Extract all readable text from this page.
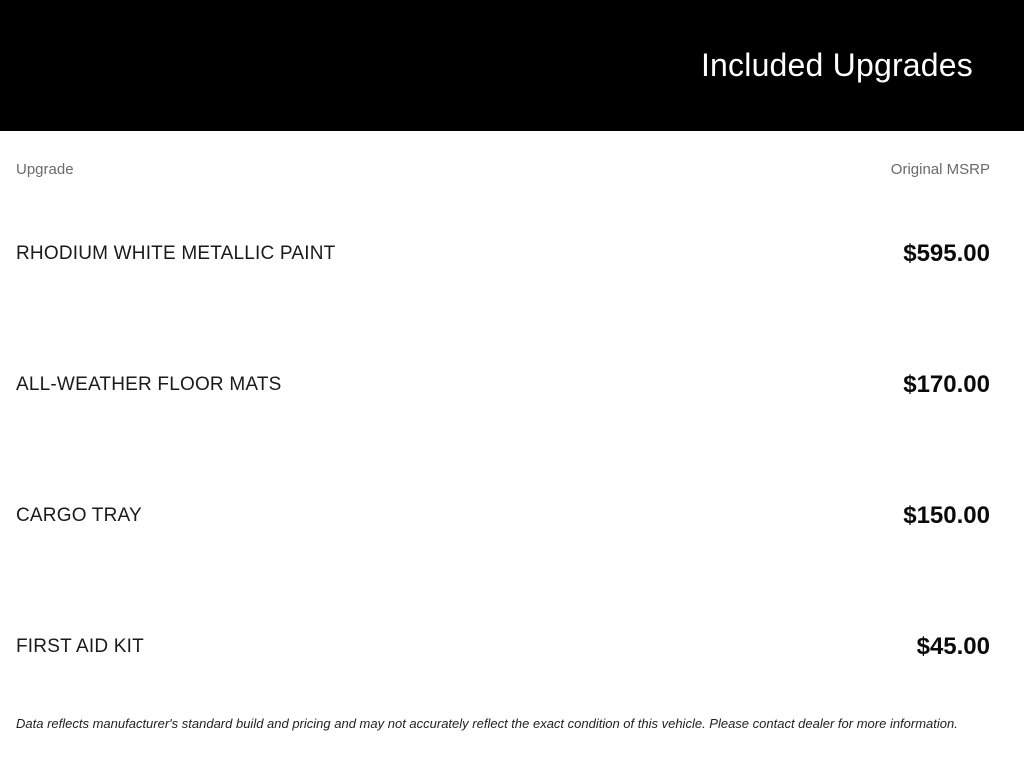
Included Upgrades
Upgrade	Original MSRP
RHODIUM WHITE METALLIC PAINT	$595.00
ALL-WEATHER FLOOR MATS	$170.00
CARGO TRAY	$150.00
FIRST AID KIT	$45.00

Data reflects manufacturer's standard build and pricing and may not accurately reflect the exact condition of this vehicle. Please contact dealer for more information.
